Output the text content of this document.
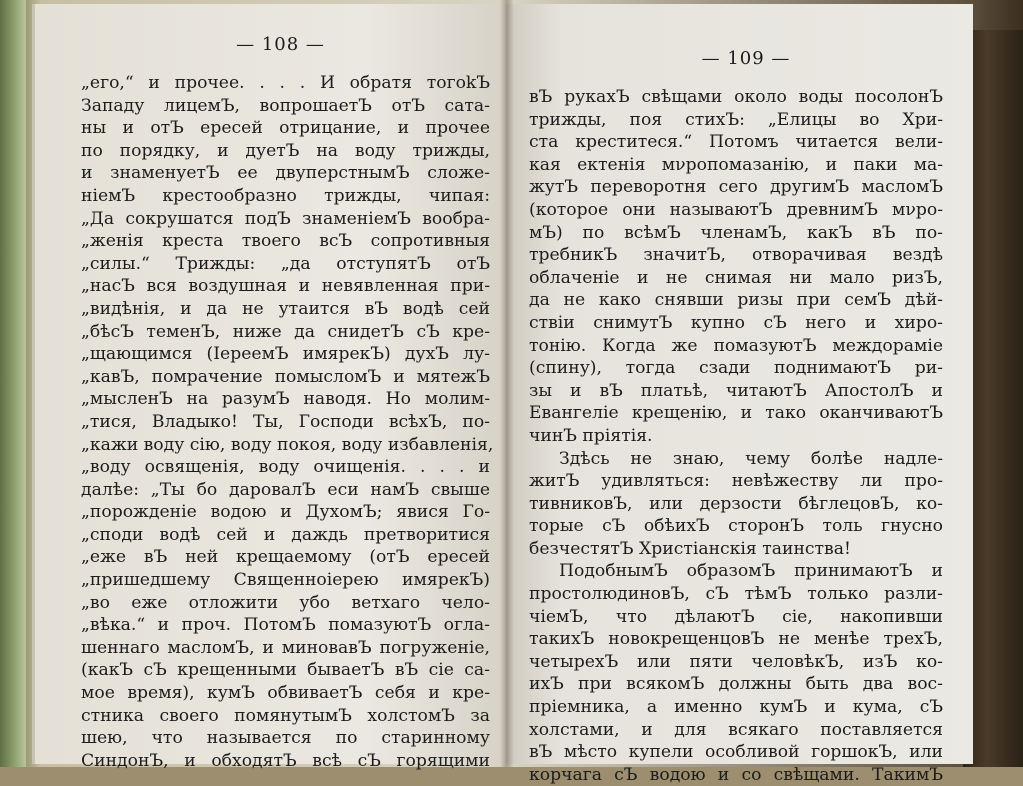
— 108 —
„его,“ и прочее. . . . И обратя тогоkЪ
Западу лицемЪ, вопрошаетЪ отЪ сата-
ны и отЪ ересей отрицание, и прочее
по порядку, и дуетЪ на воду трижды,
и знаменуетЪ ее двуперстнымЪ сложе-
ніемЪ крестообразно трижды, чипая:
„Да сокрушатся подЪ знаменіемЪ вообра-
„женія креста твоего всЪ сопротивныя
„силы.“ Трижды: „да отступятЪ отЪ
„насЪ вся воздушная и невявленная при-
„видѣнія, и да не утаится вЪ водѣ сей
„бѣсЪ теменЪ, ниже да снидетЪ сЪ кре-
„щающимся (ІереемЪ имярекЪ) духЪ лу-
„кавЪ, помрачение помысломЪ и мятежЪ
„мысленЪ на разумЪ наводя. Но молим-
„тися, Владыко! Ты, Господи всѣхЪ, по-
„кажи воду сію, воду покоя, воду избавленія,
„воду освященія, воду очищенія. . . . и
далѣе: „Ты бо даровалЪ еси намЪ свыше
„порожденіе водою и ДухомЪ; явися Го-
„споди водѣ сей и даждь претворитися
„еже вЪ ней крещаемому (отЪ ересей
„пришедшему Священнoіерею имярекЪ)
„во еже отложити убо ветхаго чело-
„вѣка.“ и проч. ПотомЪ помазуютЪ огла-
шеннаго масломЪ, и миновавЪ погруженіе,
(какЪ сЪ крещенными бываетЪ вЪ сіе са-
мое время), кумЪ обвиваетЪ себя и кре-
стника своего помянутымЪ холстомЪ за
шею, что называется по старинному
СиндонЪ, и обходятЪ всѣ сЪ горящими
— 109 —
вЪ рукахЪ свѣщами около воды посолонЪ
трижды, поя стихЪ: „Елицы во Хри-
ста креститеся.“ Потомъ читается вели-
кая ектенія мνропомазанію, и паки ма-
жутЪ переворотня сего другимЪ масломЪ
(которое они называютЪ древнимЪ мνро-
мЪ) по всѣмЪ членамЪ, какЪ вЪ по-
требникЪ значитЪ, отворачивая вездѣ
облаченіе и не снимая ни мало ризЪ,
да не како снявши ризы при семЪ дѣй-
ствіи снимутЪ купно сЪ него и хиро-
тонію. Когда же помазуютЪ междораміе
(спину), тогда сзади поднимаютЪ ри-
зы и вЪ платьѣ, читаютЪ АпостолЪ и
Евангеліе крещенію, и тако оканчиваютЪ
чинЪ пріятія.
Здѣсь не знаю, чему болѣе надле-
житЪ удивляться: невѣжеству ли про-
тивниковЪ, или дерзости бѣглецовЪ, ко-
торые сЪ обѣихЪ сторонЪ толь гнусно
безчестятЪ Христіанскія таинства!
ПодобнымЪ образомЪ принимаютЪ и
простолюдиновЪ, сЪ тѣмЪ только разли-
чіемЪ, что дѣлаютЪ сіе, накопивши
такихЪ новокрещенцовЪ не менѣе трехЪ,
четырехЪ или пяти человѣкЪ, изЪ ко-
ихЪ при всякомЪ должны быть два вос-
пріемника, а именно кумЪ и кума, сЪ
холстами, и для всякаго поставляется
вЪ мѣсто купели особливой горшокЪ, или
корчага сЪ водою и со свѣщами. ТакимЪ
